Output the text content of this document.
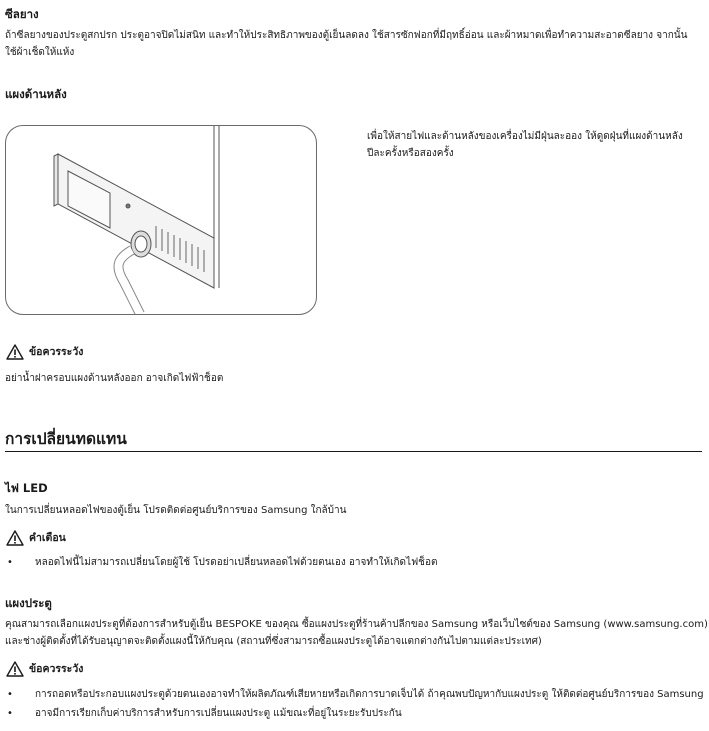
ซีลยาง
ถ้าซีลยางของประตูสกปรก ประตูอาจปิดไม่สนิท และทำให้ประสิทธิภาพของตู้เย็นลดลง ใช้สารซักฟอกที่มีฤทธิ์อ่อน และผ้าหมาดเพื่อทำความสะอาดซีลยาง จากนั้น
ใช้ผ้าเช็ดให้แห้ง
แผงด้านหลัง
เพื่อให้สายไฟและด้านหลังของเครื่องไม่มีฝุ่นละออง ให้ดูดฝุ่นที่แผงด้านหลัง
ปีละครั้งหรือสองครั้ง
ข้อควรระวัง
อย่าน้ำฝาครอบแผงด้านหลังออก อาจเกิดไฟฟ้าช็อต
การเปลี่ยนทดแทน
ไฟ LED
ในการเปลี่ยนหลอดไฟของตู้เย็น โปรดติดต่อศูนย์บริการของ Samsung ใกล้บ้าน
คำเตือน
•	หลอดไฟนี้ไม่สามารถเปลี่ยนโดยผู้ใช้ โปรดอย่าเปลี่ยนหลอดไฟด้วยตนเอง อาจทำให้เกิดไฟช็อต
แผงประตู
คุณสามารถเลือกแผงประตูที่ต้องการสำหรับตู้เย็น BESPOKE ของคุณ ซื้อแผงประตูที่ร้านค้าปลีกของ Samsung หรือเว็บไซต์ของ Samsung (www.samsung.com)
และช่างผู้ติดตั้งที่ได้รับอนุญาตจะติดตั้งแผงนี้ให้กับคุณ (สถานที่ซึ่งสามารถซื้อแผงประตูได้อาจแตกต่างกันไปตามแต่ละประเทศ)
ข้อควรระวัง
•	การถอดหรือประกอบแผงประตูด้วยตนเองอาจทำให้ผลิตภัณฑ์เสียหายหรือเกิดการบาดเจ็บได้ ถ้าคุณพบปัญหากับแผงประตู ให้ติดต่อศูนย์บริการของ Samsung
•	อาจมีการเรียกเก็บค่าบริการสำหรับการเปลี่ยนแผงประตู แม้ขณะที่อยู่ในระยะรับประกัน
